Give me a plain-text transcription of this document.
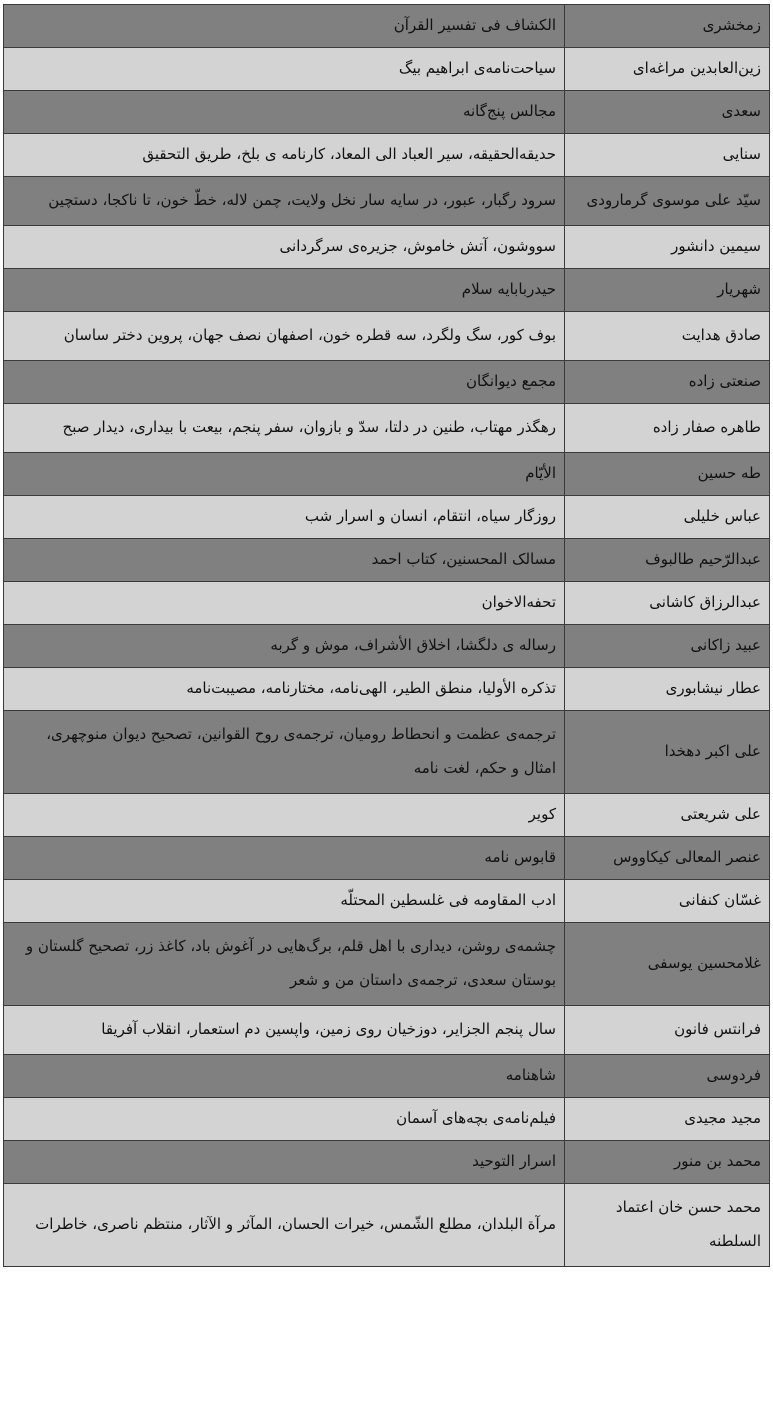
زمخشری	الکشاف فی تفسیر القرآن
زین‌العابدین مراغه‌ای	سیاحت‌نامه‌ی ابراهیم بیگ
سعدی	مجالس پنج‌گانه
سنایی	حدیقه‌الحقیقه، سیر العباد الی المعاد، کارنامه ی بلخ، طریق التحقیق
سیّد علی موسوی گرمارودی	سرود رگبار، عبور، در سایه سار نخل ولایت، چمن لاله، خطّ خون، تا ناکجا، دستچین
سیمین دانشور	سووشون، آتش خاموش، جزیره‌ی سرگردانی
شهریار	حیدربابایه سلام
صادق هدایت	بوف کور، سگ ولگرد، سه قطره خون، اصفهان نصف جهان، پروین دختر ساسان
صنعتی زاده	مجمع دیوانگان
طاهره صفار زاده	رهگذر مهتاب، طنین در دلتا، سدّ و بازوان، سفر پنجم، بیعت با بیداری، دیدار صبح
طه حسین	الأيّام
عباس خلیلی	روزگار سیاه، انتقام، انسان و اسرار شب
عبدالرّحیم طالبوف	مسالک المحسنین، کتاب احمد
عبدالرزاق کاشانی	تحفه‌الاخوان
عبید زاکانی	رساله ی دلگشا، اخلاق الأشراف، موش و گربه
عطار نیشابوری	تذکره الأولیا، منطق الطیر، الهی‌نامه، مختارنامه، مصیبت‌نامه
علی اکبر دهخدا	ترجمه‌ی عظمت و انحطاط رومیان، ترجمه‌ی روح القوانین، تصحیح دیوان منوچهری، امثال و حکم، لغت نامه
علی شریعتی	کویر
عنصر المعالی کیکاووس	قابوس نامه
غسّان کنفانی	ادب المقاومه فی غلسطین المحتلّه
غلامحسین یوسفی	چشمه‌ی روشن، دیداری با اهل قلم، برگ‌هایی در آغوش باد، کاغذ زر، تصحیح گلستان و بوستان سعدی، ترجمه‌ی داستان من و شعر
فرانتس فانون	سال پنجم الجزایر، دوزخیان روی زمین، واپسین دم استعمار، انقلاب آفریقا
فردوسی	شاهنامه
مجید مجیدی	فیلم‌نامه‌ی بچه‌های آسمان
محمد بن منور	اسرار التوحید
محمد حسن خان اعتماد السلطنه	مرآة البلدان، مطلع الشّمس، خیرات الحسان، المآثر و الآثار، منتظم ناصری، خاطرات
